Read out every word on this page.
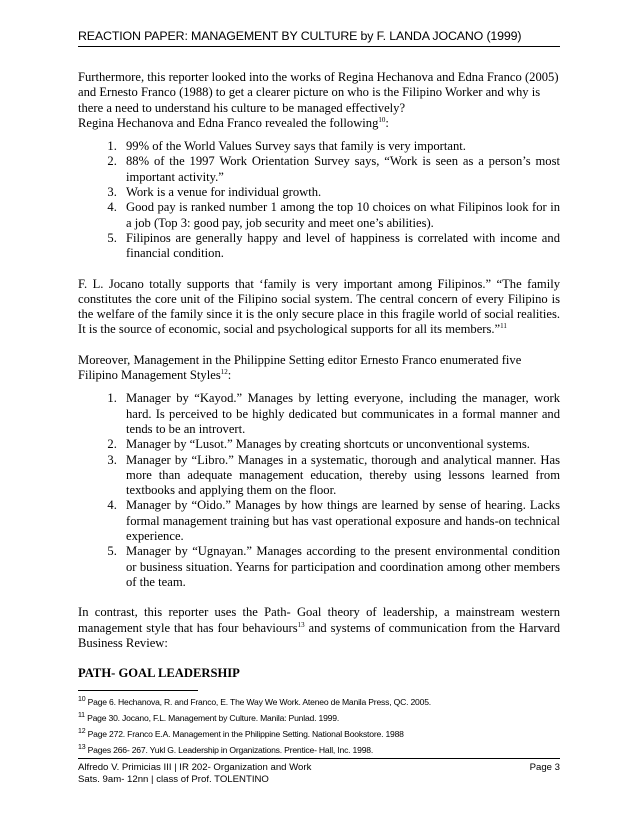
REACTION PAPER: MANAGEMENT BY CULTURE by F. LANDA JOCANO (1999)

Furthermore, this reporter looked into the works of Regina Hechanova and Edna Franco (2005) and Ernesto Franco (1988) to get a clearer picture on who is the Filipino Worker and why is there a need to understand his culture to be managed effectively?
Regina Hechanova and Edna Franco revealed the following$^{10}$:

1. 99% of the World Values Survey says that family is very important.
2. 88% of the 1997 Work Orientation Survey says, “Work is seen as a person’s most important activity.”
3. Work is a venue for individual growth.
4. Good pay is ranked number 1 among the top 10 choices on what Filipinos look for in a job (Top 3: good pay, job security and meet one’s abilities).
5. Filipinos are generally happy and level of happiness is correlated with income and financial condition.

F. L. Jocano totally supports that ‘family is very important among Filipinos.” “The family constitutes the core unit of the Filipino social system. The central concern of every Filipino is the welfare of the family since it is the only secure place in this fragile world of social realities. It is the source of economic, social and psychological supports for all its members.”$^{11}$

Moreover, Management in the Philippine Setting editor Ernesto Franco enumerated five Filipino Management Styles$^{12}$:

1. Manager by “Kayod.” Manages by letting everyone, including the manager, work hard. Is perceived to be highly dedicated but communicates in a formal manner and tends to be an introvert.
2. Manager by “Lusot.” Manages by creating shortcuts or unconventional systems.
3. Manager by “Libro.” Manages in a systematic, thorough and analytical manner. Has more than adequate management education, thereby using lessons learned from textbooks and applying them on the floor.
4. Manager by “Oido.” Manages by how things are learned by sense of hearing. Lacks formal management training but has vast operational exposure and hands-on technical experience.
5. Manager by “Ugnayan.” Manages according to the present environmental condition or business situation. Yearns for participation and coordination among other members of the team.

In contrast, this reporter uses the Path- Goal theory of leadership, a mainstream western management style that has four behaviours$^{13}$ and systems of communication from the Harvard Business Review:

PATH- GOAL LEADERSHIP
$^{10}$ Page 6. Hechanova, R. and Franco, E. The Way We Work. Ateneo de Manila Press, QC. 2005.
$^{11}$ Page 30. Jocano, F.L. Management by Culture. Manila: Punlad. 1999.
$^{12}$ Page 272. Franco E.A. Management in the Philippine Setting. National Bookstore. 1988
$^{13}$ Pages 266- 267. Yukl G. Leadership in Organizations. Prentice- Hall, Inc. 1998.
Alfredo V. Primicias III | IR 202- Organization and Work	Page 3
Sats. 9am- 12nn | class of Prof. TOLENTINO
